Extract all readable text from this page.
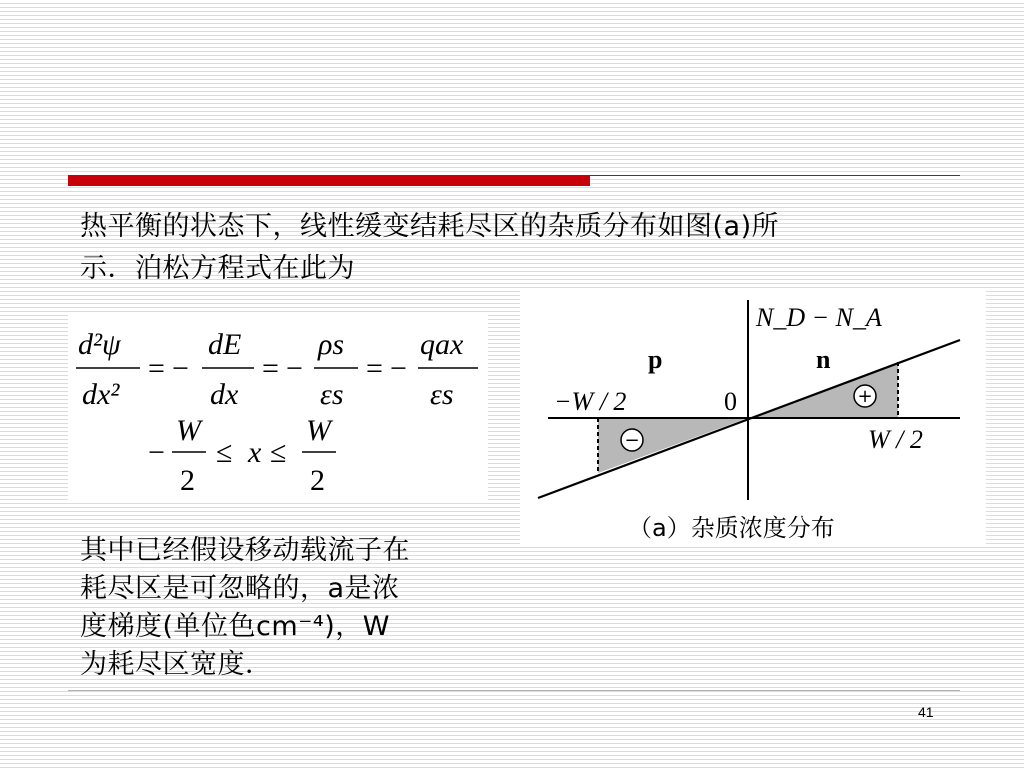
热平衡的状态下，线性缓变结耗尽区的杂质分布如图(a)所
示．泊松方程式在此为
d²ψ
dx²
= −
dE
dx
= −
ρs
εs
= −
qax
εs
−
W
2
≤ x ≤
W
2
−
+
N_D − N_A
p	n
−W / 2	0
W / 2
（a）杂质浓度分布
其中已经假设移动载流子在
耗尽区是可忽略的，a是浓
度梯度(单位色cm⁻⁴)，W
为耗尽区宽度．
41
